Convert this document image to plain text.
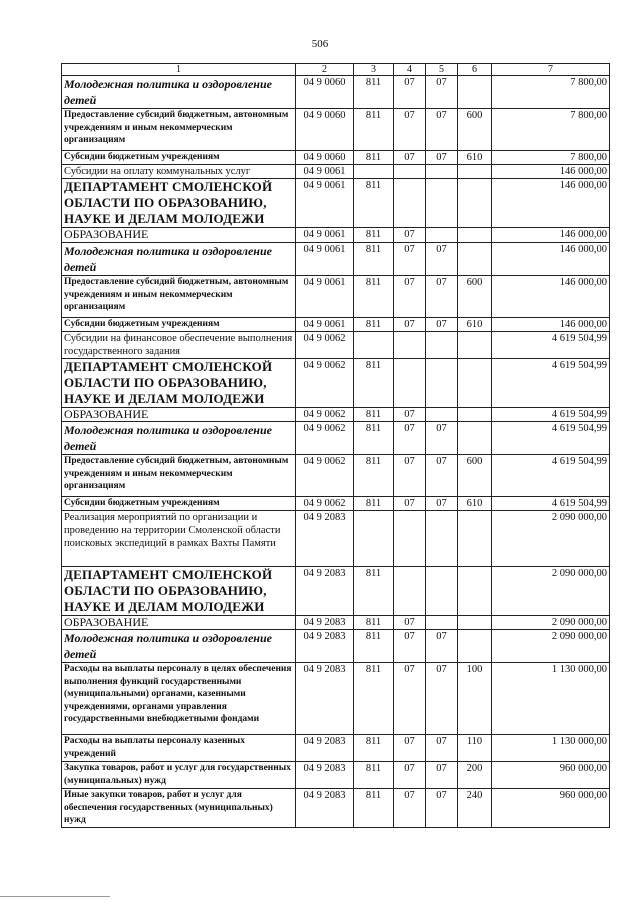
506
1	2	3	4	5	6	7
Молодежная политика и оздоровление детей	04 9 0060	811	07	07		7 800,00
Предоставление субсидий бюджетным, автономным учреждениям и иным некоммерческим организациям	04 9 0060	811	07	07	600	7 800,00
Субсидии бюджетным учреждениям	04 9 0060	811	07	07	610	7 800,00
Субсидии на оплату коммунальных услуг	04 9 0061					146 000,00
ДЕПАРТАМЕНТ СМОЛЕНСКОЙ ОБЛАСТИ ПО ОБРАЗОВАНИЮ, НАУКЕ И ДЕЛАМ МОЛОДЕЖИ	04 9 0061	811				146 000,00
ОБРАЗОВАНИЕ	04 9 0061	811	07			146 000,00
Молодежная политика и оздоровление детей	04 9 0061	811	07	07		146 000,00
Предоставление субсидий бюджетным, автономным учреждениям и иным некоммерческим организациям	04 9 0061	811	07	07	600	146 000,00
Субсидии бюджетным учреждениям	04 9 0061	811	07	07	610	146 000,00
Субсидии на финансовое обеспечение выполнения государственного задания	04 9 0062					4 619 504,99
ДЕПАРТАМЕНТ СМОЛЕНСКОЙ ОБЛАСТИ ПО ОБРАЗОВАНИЮ, НАУКЕ И ДЕЛАМ МОЛОДЕЖИ	04 9 0062	811				4 619 504,99
ОБРАЗОВАНИЕ	04 9 0062	811	07			4 619 504,99
Молодежная политика и оздоровление детей	04 9 0062	811	07	07		4 619 504,99
Предоставление субсидий бюджетным, автономным учреждениям и иным некоммерческим организациям	04 9 0062	811	07	07	600	4 619 504,99
Субсидии бюджетным учреждениям	04 9 0062	811	07	07	610	4 619 504,99
Реализация мероприятий по организации и проведению на территории Смоленской области поисковых экспедиций в рамках Вахты Памяти	04 9 2083					2 090 000,00
ДЕПАРТАМЕНТ СМОЛЕНСКОЙ ОБЛАСТИ ПО ОБРАЗОВАНИЮ, НАУКЕ И ДЕЛАМ МОЛОДЕЖИ	04 9 2083	811				2 090 000,00
ОБРАЗОВАНИЕ	04 9 2083	811	07			2 090 000,00
Молодежная политика и оздоровление детей	04 9 2083	811	07	07		2 090 000,00
Расходы на выплаты персоналу в целях обеспечения выполнения функций государственными (муниципальными) органами, казенными учреждениями, органами управления государственными внебюджетными фондами	04 9 2083	811	07	07	100	1 130 000,00
Расходы на выплаты персоналу казенных учреждений	04 9 2083	811	07	07	110	1 130 000,00
Закупка товаров, работ и услуг для государственных (муниципальных) нужд	04 9 2083	811	07	07	200	960 000,00
Иные закупки товаров, работ и услуг для обеспечения государственных (муниципальных) нужд	04 9 2083	811	07	07	240	960 000,00
